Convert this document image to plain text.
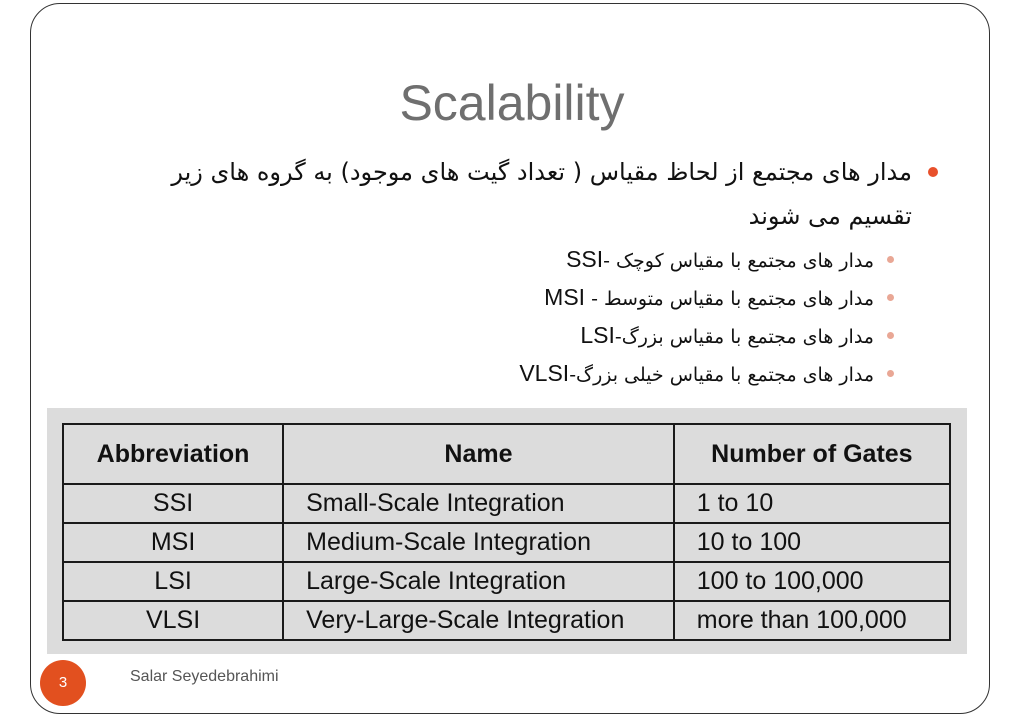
Scalability
مدار های مجتمع از لحاظ مقیاس ( تعداد گیت های موجود) به گروه های زیر تقسیم می شوند
مدار های مجتمع با مقیاس کوچک -SSI
مدار های مجتمع با مقیاس متوسط - MSI
مدار های مجتمع با مقیاس بزرگ-LSI
مدار های مجتمع با مقیاس خیلی بزرگ-VLSI
Abbreviation	Name	Number of Gates
SSI	Small-Scale Integration	1 to 10
MSI	Medium-Scale Integration	10 to 100
LSI	Large-Scale Integration	100 to 100,000
VLSI	Very-Large-Scale Integration	more than 100,000
3	Salar Seyedebrahimi
